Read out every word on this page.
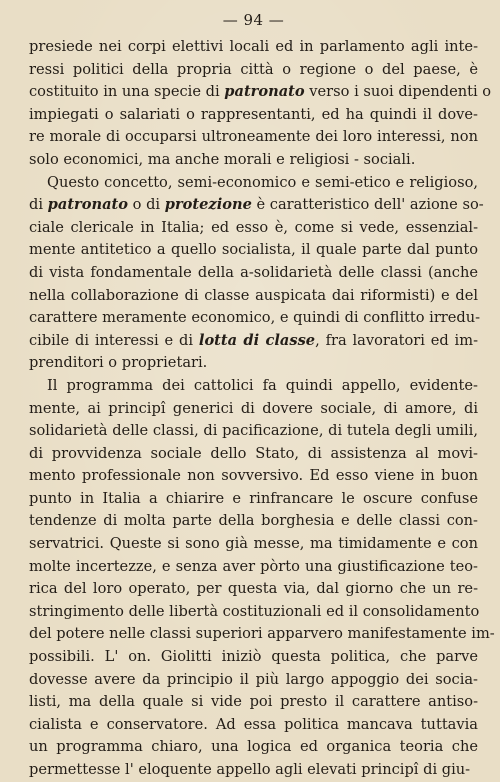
— 94 —

presiede nei corpi elettivi locali ed in parlamento agli inte-
ressi politici della propria città o regione o del paese, è
costituito in una specie di patronato verso i suoi dipendenti o
impiegati o salariati o rappresentanti, ed ha quindi il dove-
re morale di occuparsi ultroneamente dei loro interessi, non
solo economici, ma anche morali e religiosi - sociali.

Questo concetto, semi-economico e semi-etico e religioso,
di patronato o di protezione è caratteristico dell' azione so-
ciale clericale in Italia; ed esso è, come si vede, essenzial-
mente antitetico a quello socialista, il quale parte dal punto
di vista fondamentale della a-solidarietà delle classi (anche
nella collaborazione di classe auspicata dai riformisti) e del
carattere meramente economico, e quindi di conflitto irredu-
cibile di interessi e di lotta di classe, fra lavoratori ed im-
prenditori o proprietari.

Il programma dei cattolici fa quindi appello, evidente-
mente, ai principî generici di dovere sociale, di amore, di
solidarietà delle classi, di pacificazione, di tutela degli umili,
di provvidenza sociale dello Stato, di assistenza al movi-
mento professionale non sovversivo. Ed esso viene in buon
punto in Italia a chiarire e rinfrancare le oscure confuse
tendenze di molta parte della borghesia e delle classi con-
servatrici. Queste si sono già messe, ma timidamente e con
molte incertezze, e senza aver pòrto una giustificazione teo-
rica del loro operato, per questa via, dal giorno che un re-
stringimento delle libertà costituzionali ed il consolidamento
del potere nelle classi superiori apparvero manifestamente im-
possibili. L' on. Giolitti iniziò questa politica, che parve
dovesse avere da principio il più largo appoggio dei socia-
listi, ma della quale si vide poi presto il carattere antiso-
cialista e conservatore. Ad essa politica mancava tuttavia
un programma chiaro, una logica ed organica teoria che
permettesse l' eloquente appello agli elevati principî di giu-
